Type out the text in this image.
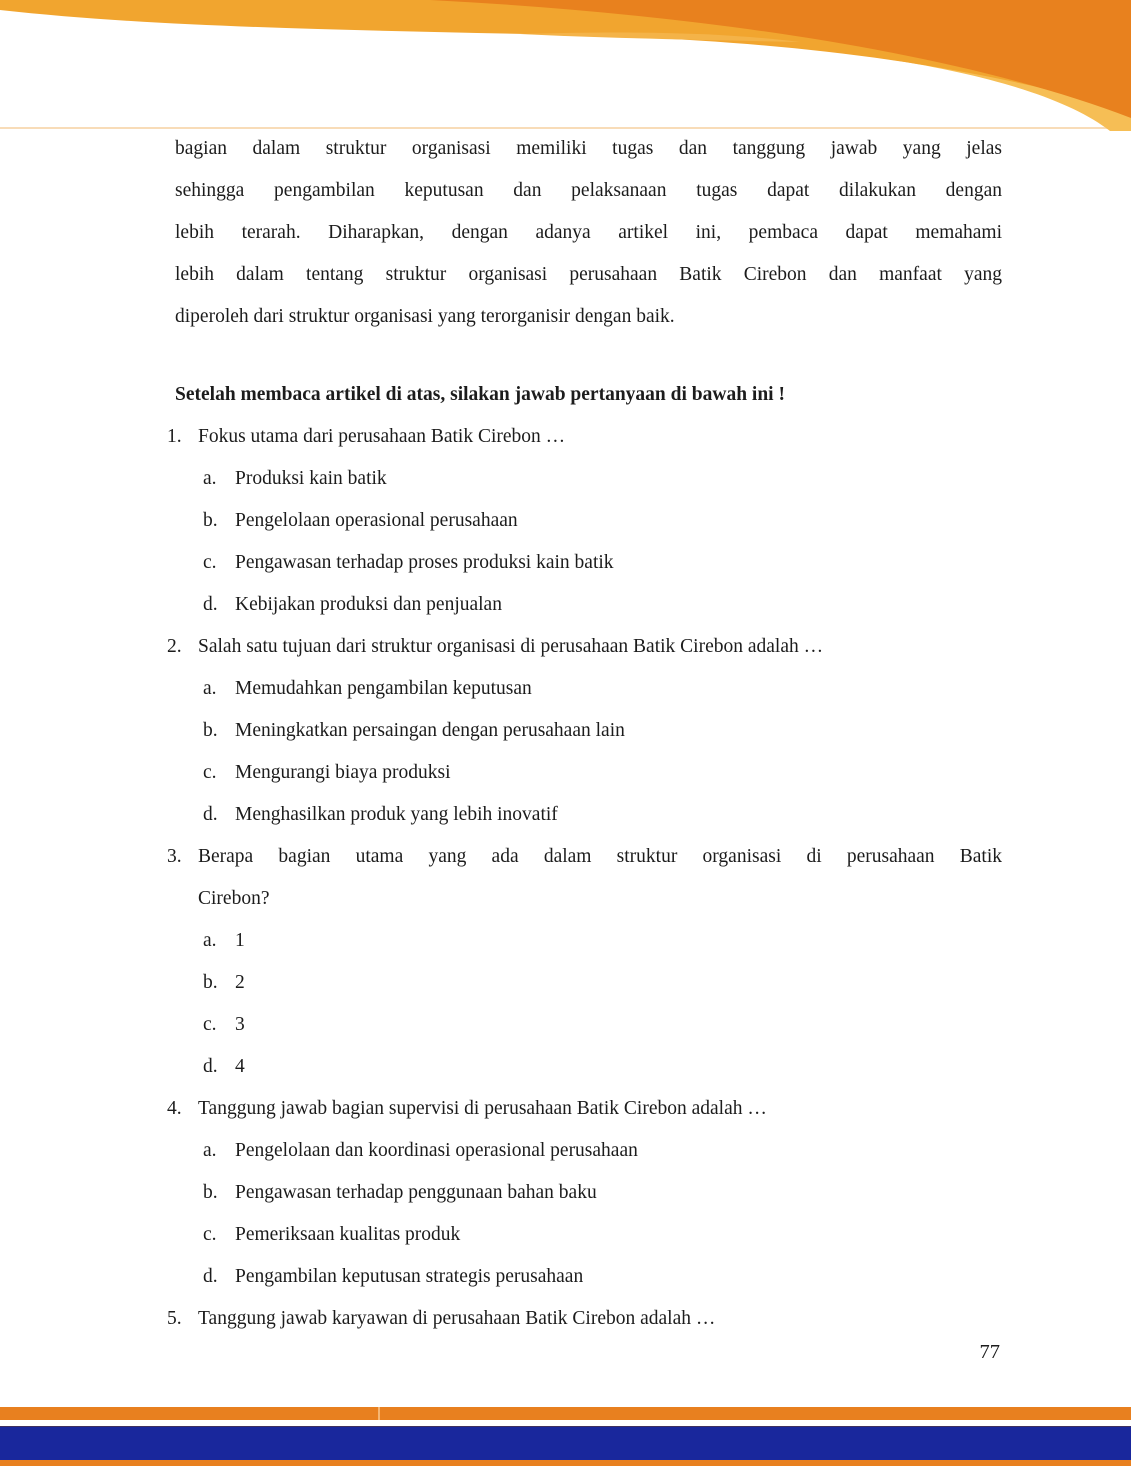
bagian dalam struktur organisasi memiliki tugas dan tanggung jawab yang jelas
sehingga pengambilan keputusan dan pelaksanaan tugas dapat dilakukan dengan
lebih terarah. Diharapkan, dengan adanya artikel ini, pembaca dapat memahami
lebih dalam tentang struktur organisasi perusahaan Batik Cirebon dan manfaat yang
diperoleh dari struktur organisasi yang terorganisir dengan baik.

Setelah membaca artikel di atas, silakan jawab pertanyaan di bawah ini !

1. Fokus utama dari perusahaan Batik Cirebon …
a. Produksi kain batik
b. Pengelolaan operasional perusahaan
c. Pengawasan terhadap proses produksi kain batik
d. Kebijakan produksi dan penjualan
2. Salah satu tujuan dari struktur organisasi di perusahaan Batik Cirebon adalah …
a. Memudahkan pengambilan keputusan
b. Meningkatkan persaingan dengan perusahaan lain
c. Mengurangi biaya produksi
d. Menghasilkan produk yang lebih inovatif
3. Berapa bagian utama yang ada dalam struktur organisasi di perusahaan Batik
Cirebon?
a. 1
b. 2
c. 3
d. 4
4. Tanggung jawab bagian supervisi di perusahaan Batik Cirebon adalah …
a. Pengelolaan dan koordinasi operasional perusahaan
b. Pengawasan terhadap penggunaan bahan baku
c. Pemeriksaan kualitas produk
d. Pengambilan keputusan strategis perusahaan
5. Tanggung jawab karyawan di perusahaan Batik Cirebon adalah …
77
